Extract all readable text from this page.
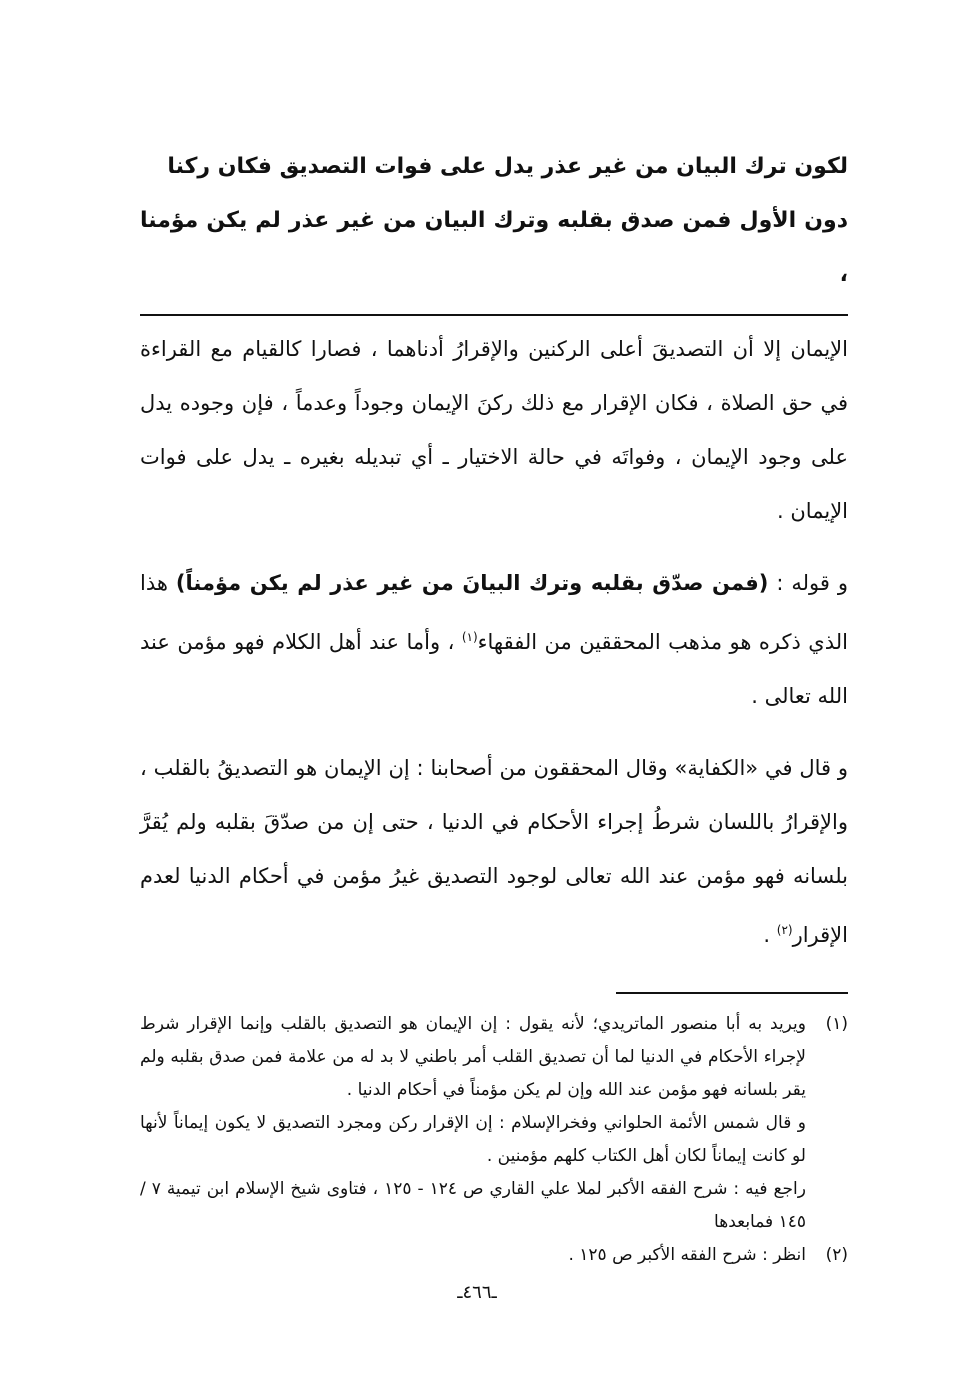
لكون ترك البيان من غير عذر يدل على فوات التصديق فكان ركنا
دون الأول فمن صدق بقلبه وترك البيان من غير عذر لم يكن مؤمنا ،

الإيمان إلا أن التصديقَ أعلى الركنين والإقرارُ أدناهما ، فصارا كالقيام مع القراءة في حق الصلاة ، فكان الإقرار مع ذلك ركنَ الإيمان وجوداً وعدماً ، فإن وجوده يدل على وجود الإيمان ، وفواتَه في حالة الاختيار ـ أي تبديله بغيره ـ يدل على فوات الإيمان .

و قوله : (فمن صدّق بقلبه وترك البيانَ من غير عذر لم يكن مؤمناً) هذا الذي ذكره هو مذهب المحققين من الفقهاء$^{(١)}$ ، وأما عند أهل الكلام فهو مؤمن عند الله تعالى .

و قال في «الكفاية» وقال المحققون من أصحابنا : إن الإيمان هو التصديقُ بالقلب ، والإقرارُ باللسان شرطُ إجراء الأحكام في الدنيا ، حتى إن من صدّقَ بقلبه ولم يُقرَّ بلسانه فهو مؤمن عند الله تعالى لوجود التصديق غيرُ مؤمن في أحكام الدنيا لعدم الإقرار$^{(٢)}$ .

(١)
ويريد به أبا منصور الماتريدي؛ لأنه يقول : إن الإيمان هو التصديق بالقلب وإنما الإقرار شرط لإجراء الأحكام في الدنيا لما أن تصديق القلب أمر باطني لا بد له من علامة فمن صدق بقلبه ولم يقر بلسانه فهو مؤمن عند الله وإن لم يكن مؤمناً في أحكام الدنيا .
و قال شمس الأئمة الحلواني وفخرالإسلام : إن الإقرار ركن ومجرد التصديق لا يكون إيماناً لأنها لو كانت إيماناً لكان أهل الكتاب كلهم مؤمنين .
راجع فيه : شرح الفقه الأكبر لملا علي القاري ص ١٢٤ - ١٢٥ ، فتاوى شيخ الإسلام ابن تيمية ٧ / ١٤٥ فمابعدها
(٢)
انظر : شرح الفقه الأكبر ص ١٢٥ .
ـ٤٦٦ـ
